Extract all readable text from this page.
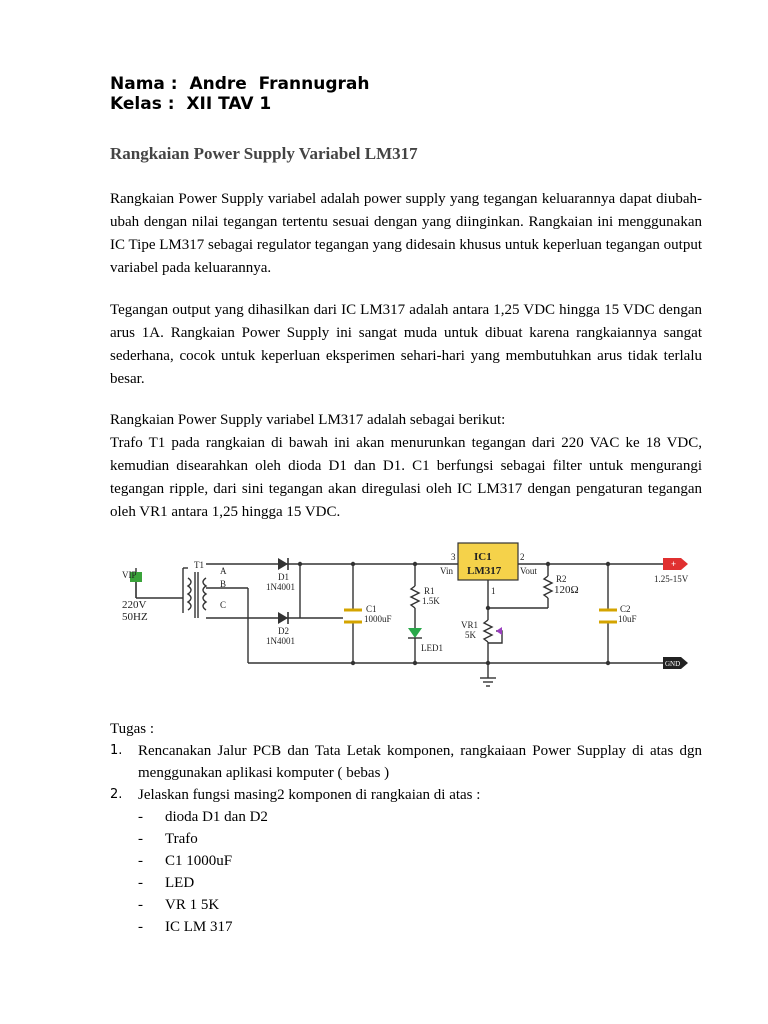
Nama : Andre  Frannugrah
Kelas : XII TAV 1
Rangkaian Power Supply Variabel LM317

Rangkaian Power Supply variabel adalah power supply yang tegangan keluarannya dapat diubah-ubah dengan nilai tegangan tertentu sesuai dengan yang diinginkan. Rangkaian ini menggunakan IC Tipe LM317 sebagai regulator tegangan yang didesain khusus untuk keperluan tegangan output variabel pada keluarannya.

Tegangan output yang dihasilkan dari IC LM317 adalah antara 1,25 VDC hingga 15 VDC dengan arus 1A. Rangkaian Power Supply ini sangat muda untuk dibuat karena rangkaiannya sangat sederhana, cocok untuk keperluan eksperimen sehari-hari yang membutuhkan arus tidak terlalu besar.

Rangkaian Power Supply variabel LM317 adalah sebagai berikut:

Trafo T1 pada rangkaian di bawah ini akan menurunkan tegangan dari 220 VAC ke 18 VDC, kemudian disearahkan oleh dioda D1 dan D1. C1 berfungsi sebagai filter untuk mengurangi tegangan ripple, dari sini tegangan akan diregulasi oleh IC LM317 dengan pengaturan tegangan oleh VR1 antara 1,25 hingga 15 VDC.

VIP
220V
50HZ
T1
A
B
C
D1
1N4001
D2
1N4001
C1
1000uF
R1
1.5K
LED1
3
Vin
IC1
LM317
2
Vout
1
R2
120Ω
VR1
5K
C2
10uF
+
1.25-15V
GND
Tugas :
1.	Rencanakan Jalur PCB dan Tata Letak komponen, rangkaiaan Power Supplay di atas dgn menggunakan aplikasi komputer ( bebas )
2.	Jelaskan fungsi masing2 komponen di rangkaian di atas :
-	dioda D1 dan D2
-	Trafo
-	C1 1000uF
-	LED
-	VR 1 5K
-	IC LM 317
